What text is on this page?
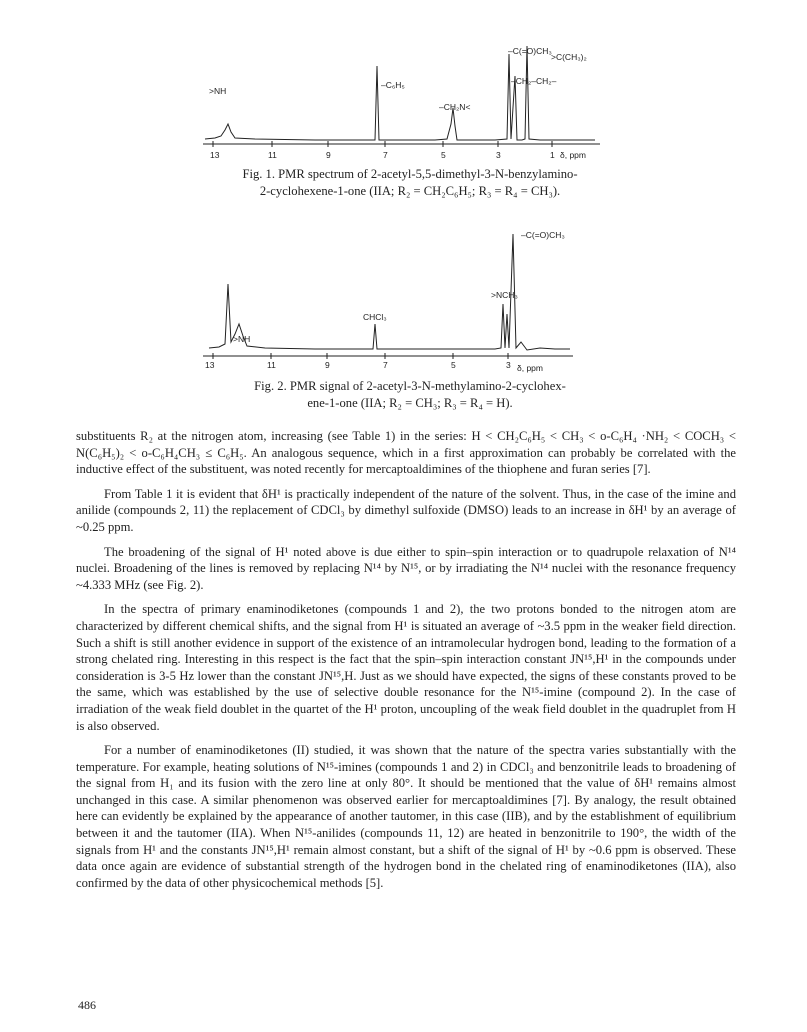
13	11	9	7	5	3	1 δ, ppm
>NH
–C₆H₅
–CH₂N<
–C(=O)CH₃
>C(CH₃)₂
–CH₂–CH₂–
Fig. 1. PMR spectrum of 2-acetyl-5,5-dimethyl-3-N-benzylamino-
2-cyclohexene-1-one (IIA; R₂ = CH₂C₆H₅; R₃ = R₄ = CH₃).
13	11	9	7	5	3 δ, ppm
–C(=O)CH₃
>NCH₃
CHCl₃
>NH
Fig. 2. PMR signal of 2-acetyl-3-N-methylamino-2-cyclohex-
ene-1-one (IIA; R₂ = CH₃; R₃ = R₄ = H).

substituents R₂ at the nitrogen atom, increasing (see Table 1) in the series: H < CH₂C₆H₅ < CH₃ < o-C₆H₄ ·NH₂ < COCH₃ < N(C₆H₅)₂ < o-C₆H₄CH₃ ≤ C₆H₅. An analogous sequence, which in a first approximation can probably be correlated with the inductive effect of the substituent, was noted recently for mercaptoaldimines of the thiophene and furan series [7].

From Table 1 it is evident that δH¹ is practically independent of the nature of the solvent. Thus, in the case of the imine and anilide (compounds 2, 11) the replacement of CDCl₃ by dimethyl sulfoxide (DMSO) leads to an increase in δH¹ by an average of ~0.25 ppm.

The broadening of the signal of H¹ noted above is due either to spin–spin interaction or to quadrupole relaxation of N¹⁴ nuclei. Broadening of the lines is removed by replacing N¹⁴ by N¹⁵, or by irradiating the N¹⁴ nuclei with the resonance frequency ~4.333 MHz (see Fig. 2).

In the spectra of primary enaminodiketones (compounds 1 and 2), the two protons bonded to the nitrogen atom are characterized by different chemical shifts, and the signal from H¹ is situated an average of ~3.5 ppm in the weaker field direction. Such a shift is still another evidence in support of the existence of an intramolecular hydrogen bond, leading to the formation of a strong chelated ring. Interesting in this respect is the fact that the spin–spin interaction constant JN¹⁵,H¹ in the compounds under consideration is 3-5 Hz lower than the constant JN¹⁵,H. Just as we should have expected, the signs of these constants proved to be the same, which was established by the use of selective double resonance for the N¹⁵-imine (compound 2). In the case of irradiation of the weak field doublet in the quartet of the H¹ proton, uncoupling of the weak field doublet in the quadruplet from H is also observed.

For a number of enaminodiketones (II) studied, it was shown that the nature of the spectra varies substantially with the temperature. For example, heating solutions of N¹⁵-imines (compounds 1 and 2) in CDCl₃ and benzonitrile leads to broadening of the signal from H₁ and its fusion with the zero line at only 80°. It should be mentioned that the value of δH¹ remains almost unchanged in this case. A similar phenomenon was observed earlier for mercaptoaldimines [7]. By analogy, the result obtained here can evidently be explained by the appearance of another tautomer, in this case (IIB), and by the establishment of equilibrium between it and the tautomer (IIA). When N¹⁵-anilides (compounds 11, 12) are heated in benzonitrile to 190°, the width of the signals from H¹ and the constants JN¹⁵,H¹ remain almost constant, but a shift of the signal of H¹ by ~0.6 ppm is observed. These data once again are evidence of substantial strength of the hydrogen bond in the chelated ring of enaminodiketones (IIA), also confirmed by the data of other physicochemical methods [5].

486
